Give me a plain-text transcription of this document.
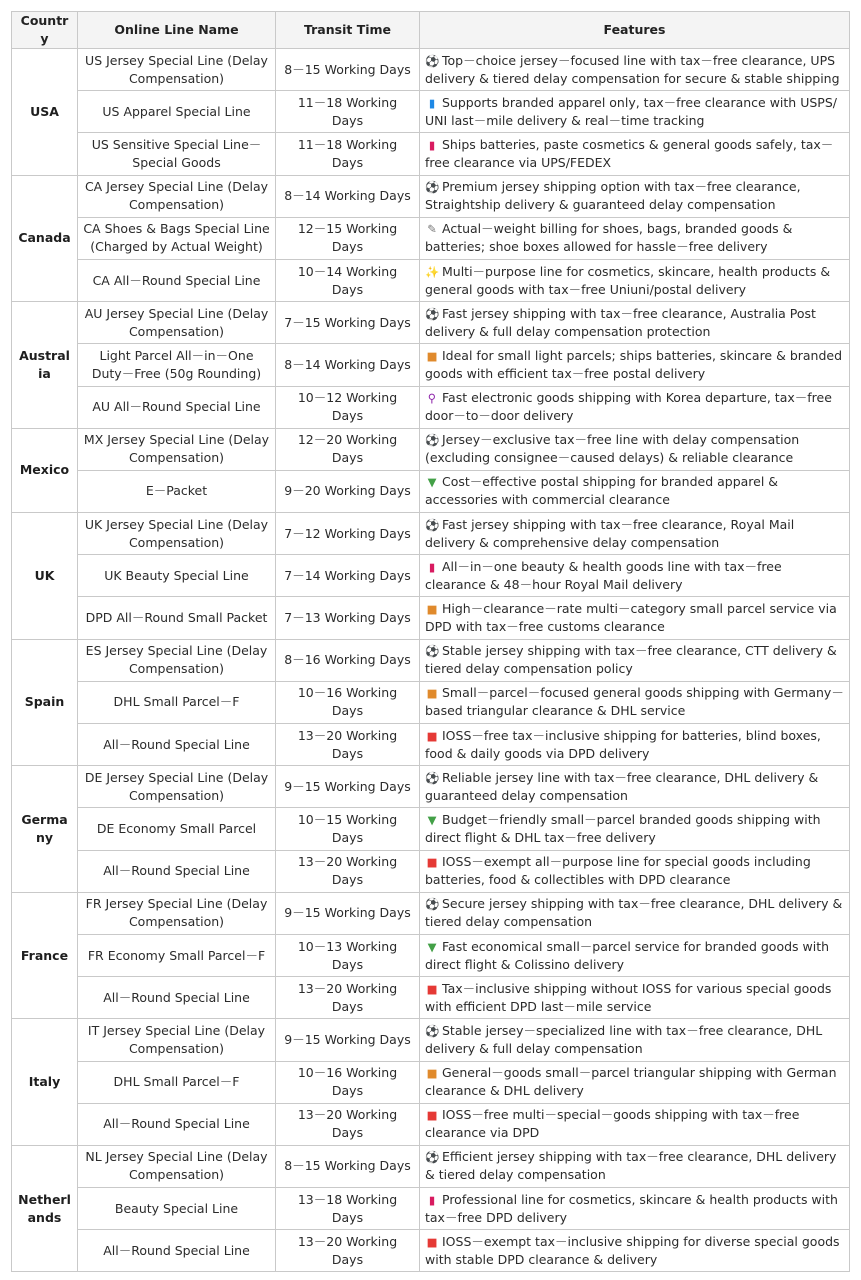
Country	Online Line Name	Transit Time	Features
USA	US Jersey Special Line (Delay Compensation)	8－15 Working Days	⚽ Top－choice jersey－focused line with tax－free clearance, UPS delivery & tiered delay compensation for secure & stable shipping
	US Apparel Special Line	11－18 Working Days	▮ Supports branded apparel only, tax－free clearance with USPS/ UNI last－mile delivery & real－time tracking
	US Sensitive Special Line－Special Goods	11－18 Working Days	▮ Ships batteries, paste cosmetics & general goods safely, tax－free clearance via UPS/FEDEX
Canada	CA Jersey Special Line (Delay Compensation)	8－14 Working Days	⚽ Premium jersey shipping option with tax－free clearance, Straightship delivery & guaranteed delay compensation
	CA Shoes & Bags Special Line (Charged by Actual Weight)	12－15 Working Days	✎ Actual－weight billing for shoes, bags, branded goods & batteries; shoe boxes allowed for hassle－free delivery
	CA All－Round Special Line	10－14 Working Days	✨ Multi－purpose line for cosmetics, skincare, health products & general goods with tax－free Uniuni/postal delivery
Australia	AU Jersey Special Line (Delay Compensation)	7－15 Working Days	⚽ Fast jersey shipping with tax－free clearance, Australia Post delivery & full delay compensation protection
	Light Parcel All－in－One Duty－Free (50g Rounding)	8－14 Working Days	■ Ideal for small light parcels; ships batteries, skincare & branded goods with efficient tax－free postal delivery
	AU All－Round Special Line	10－12 Working Days	⚲ Fast electronic goods shipping with Korea departure, tax－free door－to－door delivery
Mexico	MX Jersey Special Line (Delay Compensation)	12－20 Working Days	⚽ Jersey－exclusive tax－free line with delay compensation (excluding consignee－caused delays) & reliable clearance
	E－Packet	9－20 Working Days	▼ Cost－effective postal shipping for branded apparel & accessories with commercial clearance
UK	UK Jersey Special Line (Delay Compensation)	7－12 Working Days	⚽ Fast jersey shipping with tax－free clearance, Royal Mail delivery & comprehensive delay compensation
	UK Beauty Special Line	7－14 Working Days	▮ All－in－one beauty & health goods line with tax－free clearance & 48－hour Royal Mail delivery
	DPD All－Round Small Packet	7－13 Working Days	■ High－clearance－rate multi－category small parcel service via DPD with tax－free customs clearance
Spain	ES Jersey Special Line (Delay Compensation)	8－16 Working Days	⚽ Stable jersey shipping with tax－free clearance, CTT delivery & tiered delay compensation policy
	DHL Small Parcel－F	10－16 Working Days	■ Small－parcel－focused general goods shipping with Germany－based triangular clearance & DHL service
	All－Round Special Line	13－20 Working Days	■ IOSS－free tax－inclusive shipping for batteries, blind boxes, food & daily goods via DPD delivery
Germany	DE Jersey Special Line (Delay Compensation)	9－15 Working Days	⚽ Reliable jersey line with tax－free clearance, DHL delivery & guaranteed delay compensation
	DE Economy Small Parcel	10－15 Working Days	▼ Budget－friendly small－parcel branded goods shipping with direct flight & DHL tax－free delivery
	All－Round Special Line	13－20 Working Days	■ IOSS－exempt all－purpose line for special goods including batteries, food & collectibles with DPD clearance
France	FR Jersey Special Line (Delay Compensation)	9－15 Working Days	⚽ Secure jersey shipping with tax－free clearance, DHL delivery & tiered delay compensation
	FR Economy Small Parcel－F	10－13 Working Days	▼ Fast economical small－parcel service for branded goods with direct flight & Colissino delivery
	All－Round Special Line	13－20 Working Days	■ Tax－inclusive shipping without IOSS for various special goods with efficient DPD last－mile service
Italy	IT Jersey Special Line (Delay Compensation)	9－15 Working Days	⚽ Stable jersey－specialized line with tax－free clearance, DHL delivery & full delay compensation
	DHL Small Parcel－F	10－16 Working Days	■ General－goods small－parcel triangular shipping with German clearance & DHL delivery
	All－Round Special Line	13－20 Working Days	■ IOSS－free multi－special－goods shipping with tax－free clearance via DPD
Netherlands	NL Jersey Special Line (Delay Compensation)	8－15 Working Days	⚽ Efficient jersey shipping with tax－free clearance, DHL delivery & tiered delay compensation
	Beauty Special Line	13－18 Working Days	▮ Professional line for cosmetics, skincare & health products with tax－free DPD delivery
	All－Round Special Line	13－20 Working Days	■ IOSS－exempt tax－inclusive shipping for diverse special goods with stable DPD clearance & delivery
